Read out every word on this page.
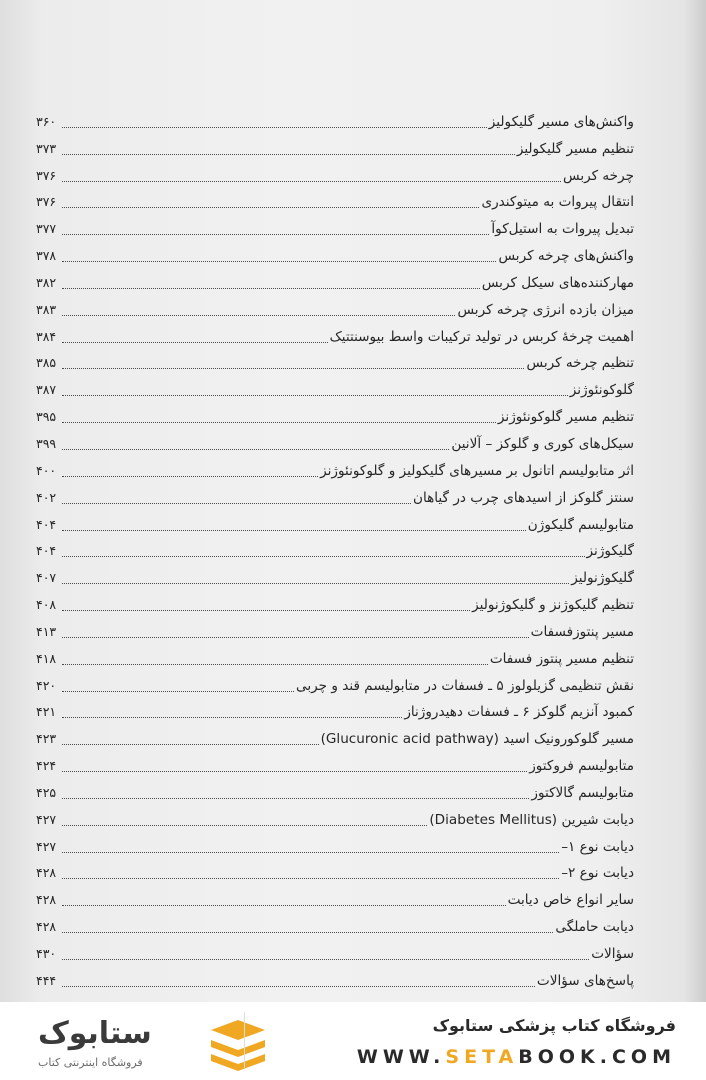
واکنش‌های مسیر گلیکولیز
۳۶۰
تنظیم مسیر گلیکولیز
۳۷۳
چرخه کربس
۳۷۶
انتقال پیروات به میتوکندری
۳۷۶
تبدیل پیروات به استیل‌کوآ
۳۷۷
واکنش‌های چرخه کربس
۳۷۸
مهارکننده‌های سیکل کربس
۳۸۲
میزان بازده انرژی چرخه کربس
۳۸۳
اهمیت چرخهٔ کربس در تولید ترکیبات واسط بیوسنتتیک
۳۸۴
تنظیم چرخه کربس
۳۸۵
گلوکونئوژنز
۳۸۷
تنظیم مسیر گلوکونئوژنز
۳۹۵
سیکل‌های کوری و گلوکز – آلانین
۳۹۹
اثر متابولیسم اتانول بر مسیرهای گلیکولیز و گلوکونئوژنز
۴۰۰
سنتز گلوکز از اسیدهای چرب در گیاهان
۴۰۲
متابولیسم گلیکوژن
۴۰۴
گلیکوژنز
۴۰۴
گلیکوژنولیز
۴۰۷
تنظیم گلیکوژنز و گلیکوژنولیز
۴۰۸
مسیر پنتوزفسفات
۴۱۳
تنظیم مسیر پنتوز فسفات
۴۱۸
نقش تنظیمی گزیلولوز ۵ ـ فسفات در متابولیسم قند و چربی
۴۲۰
کمبود آنزیم گلوکز ۶ ـ فسفات دهیدروژناز
۴۲۱
مسیر گلوکورونیک اسید (Glucuronic acid pathway)
۴۲۳
متابولیسم فروکتوز
۴۲۴
متابولیسم گالاکتوز
۴۲۵
دیابت شیرین (Diabetes Mellitus)
۴۲۷
دیابت نوع ۱–
۴۲۷
دیابت نوع ۲–
۴۲۸
سایر انواع خاص دیابت
۴۲۸
دیابت حاملگی
۴۲۸
سؤالات
۴۳۰
پاسخ‌های سؤالات
۴۴۴
ستابوک
فروشگاه اینترنتی کتاب
فروشگاه کتاب پزشکی ستابوک
WWW.SETABOOK.COM
